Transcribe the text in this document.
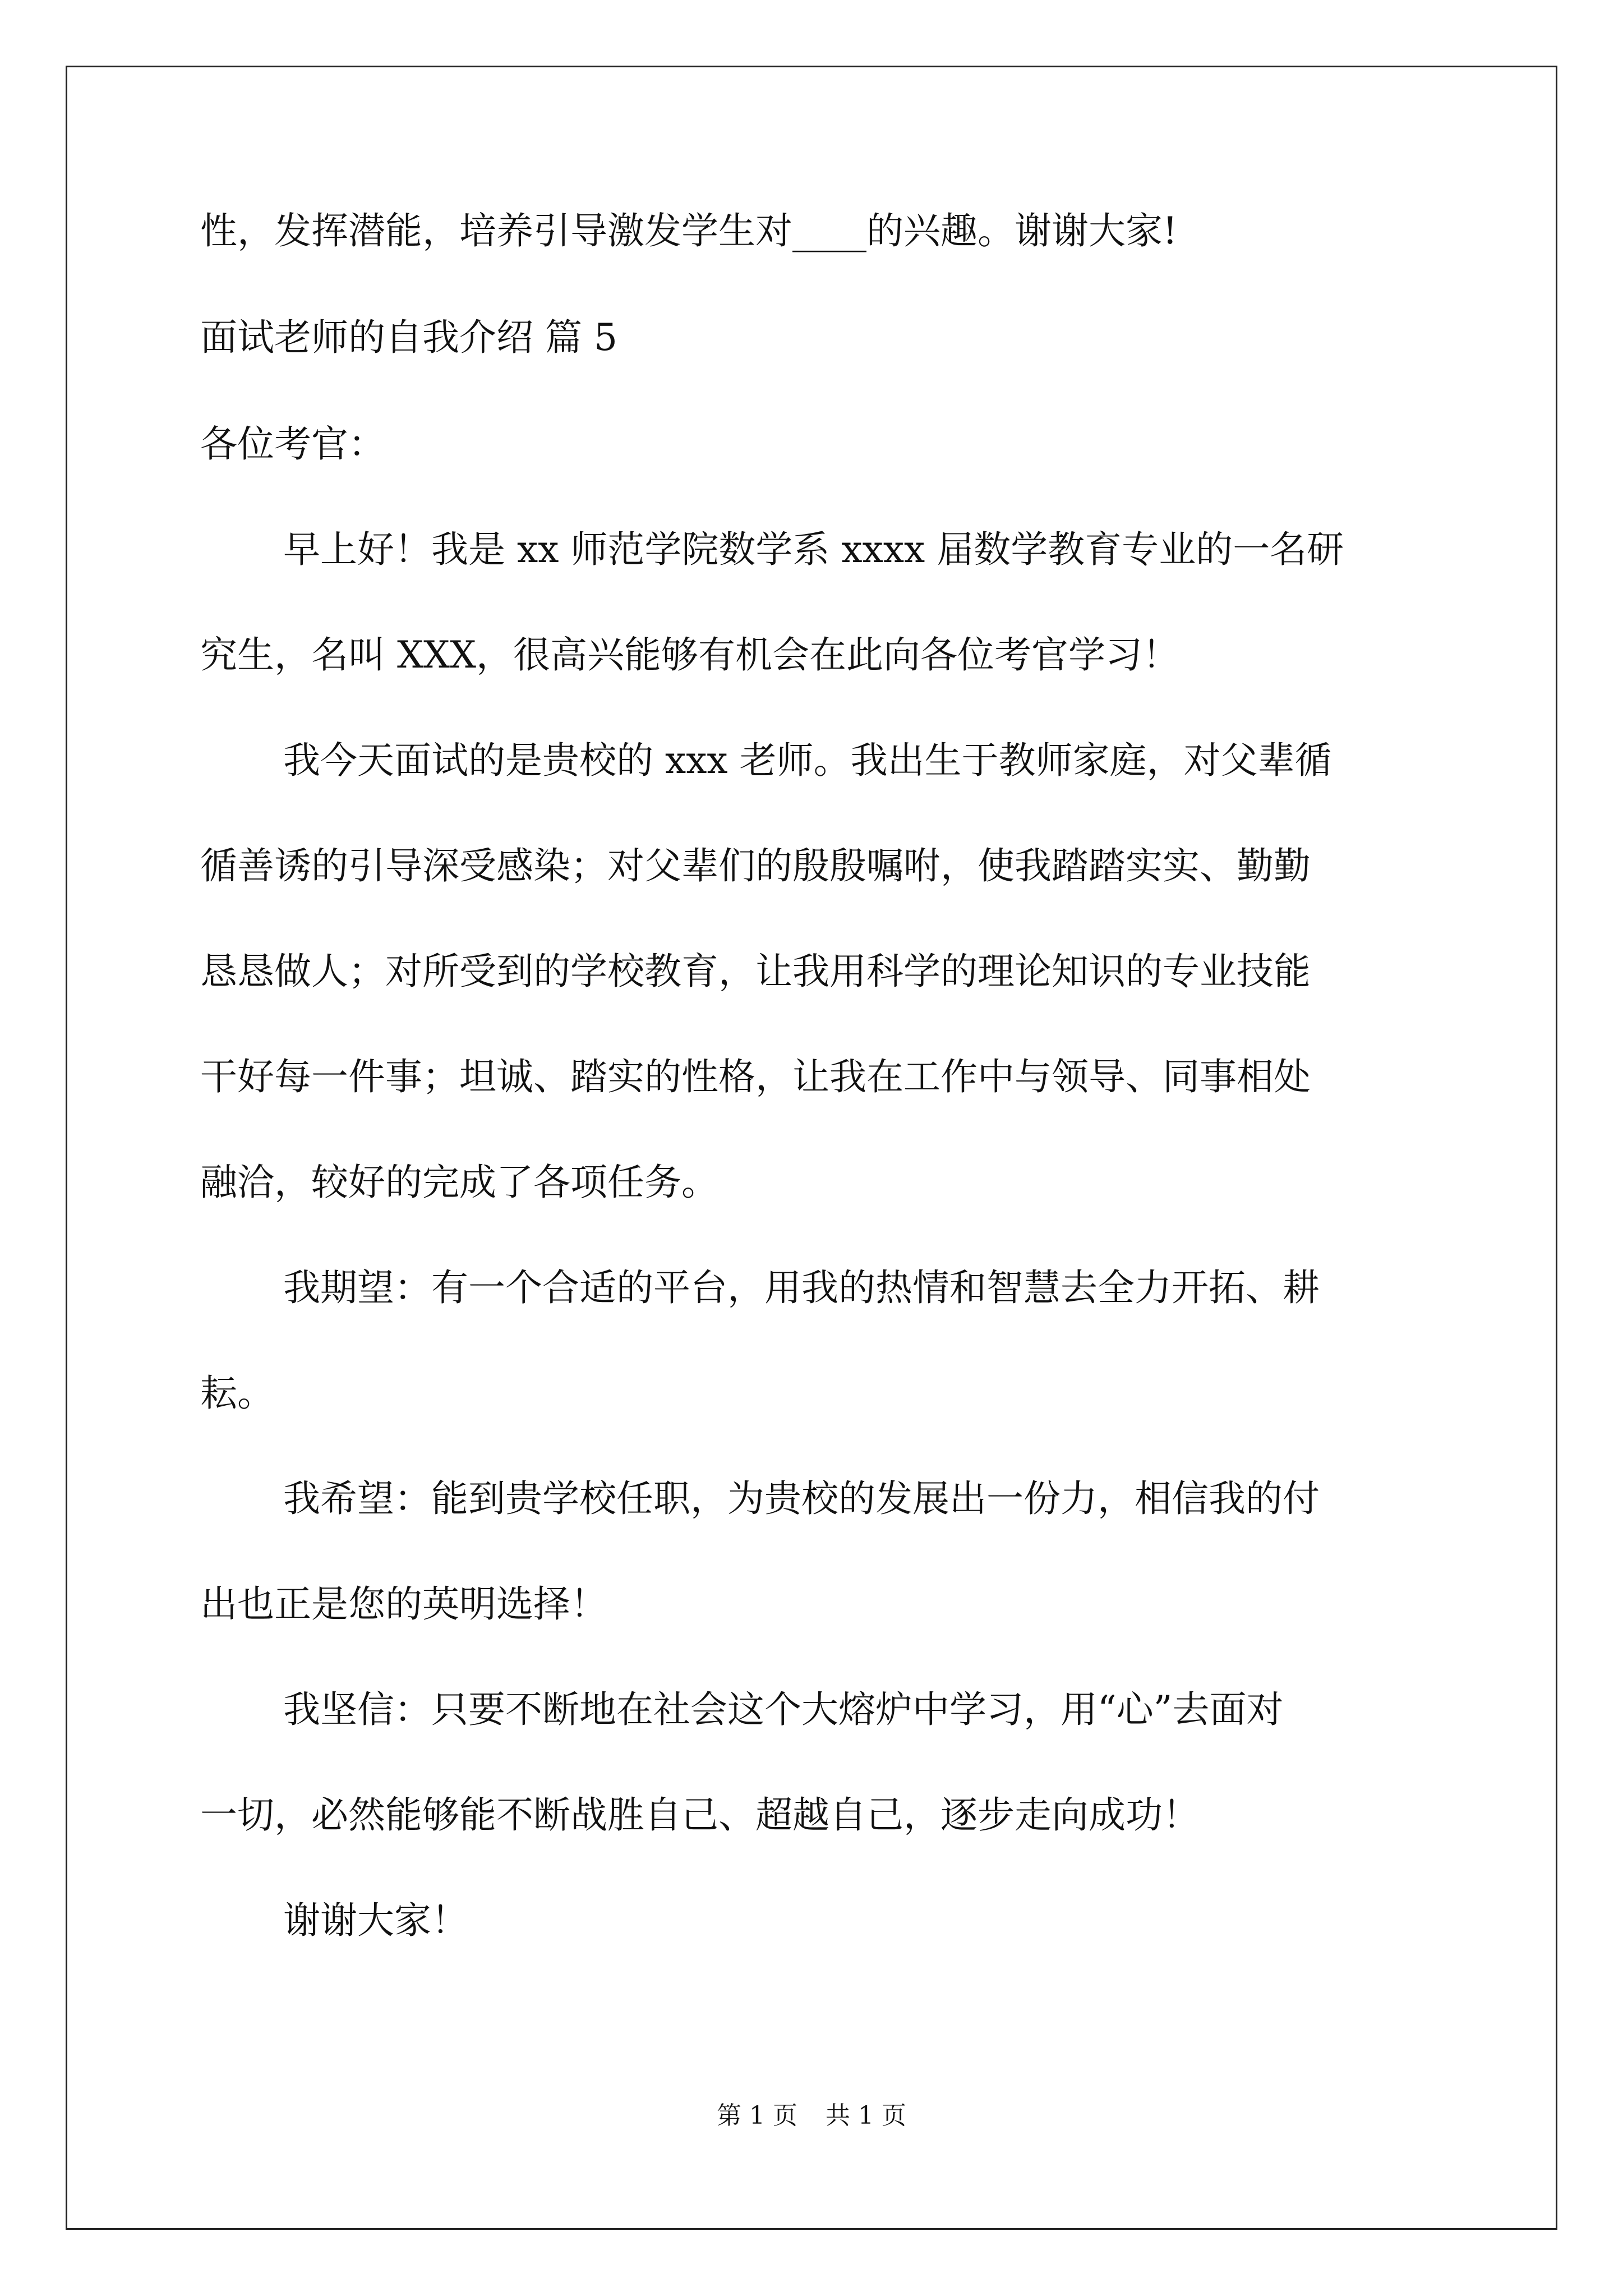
性，发挥潜能，培养引导激发学生对____的兴趣。谢谢大家!

面试老师的自我介绍 篇 5

各位考官：

早上好！我是 xx 师范学院数学系 xxxx 届数学教育专业的一名研

究生，名叫 XXX，很高兴能够有机会在此向各位考官学习！

我今天面试的是贵校的 xxx 老师。我出生于教师家庭，对父辈循

循善诱的引导深受感染；对父辈们的殷殷嘱咐，使我踏踏实实、勤勤

恳恳做人；对所受到的学校教育，让我用科学的理论知识的专业技能

干好每一件事；坦诚、踏实的性格，让我在工作中与领导、同事相处

融洽，较好的完成了各项任务。

我期望：有一个合适的平台，用我的热情和智慧去全力开拓、耕

耘。

我希望：能到贵学校任职，为贵校的发展出一份力，相信我的付

出也正是您的英明选择！

我坚信：只要不断地在社会这个大熔炉中学习，用“心”去面对

一切，必然能够能不断战胜自己、超越自己，逐步走向成功！

谢谢大家！

第 1 页 共 1 页
